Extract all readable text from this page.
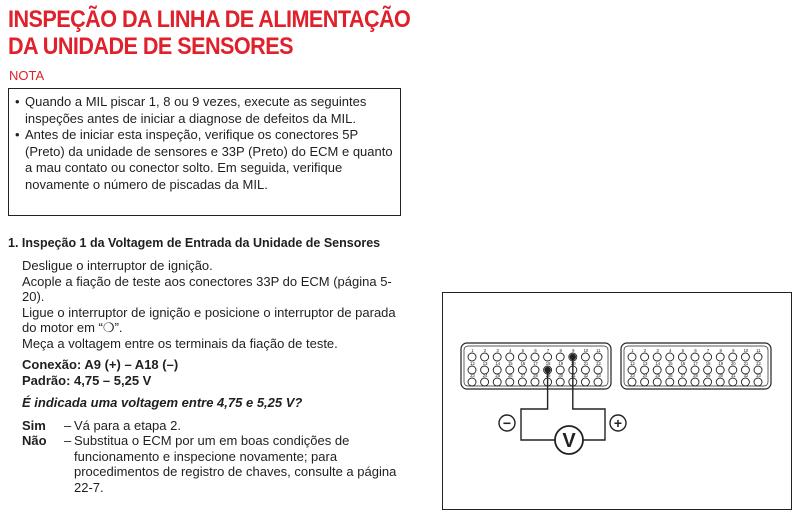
INSPEÇÃO DA LINHA DE ALIMENTAÇÃO
DA UNIDADE DE SENSORES
NOTA
• Quando a MIL piscar 1, 8 ou 9 vezes, execute as seguintes inspeções antes de iniciar a diagnose de defeitos da MIL.
• Antes de iniciar esta inspeção, verifique os conectores 5P (Preto) da unidade de sensores e 33P (Preto) do ECM e quanto a mau contato ou conector solto. Em seguida, verifique novamente o número de piscadas da MIL.
1. Inspeção 1 da Voltagem de Entrada da Unidade de Sensores

Desligue o interruptor de ignição.

Acople a fiação de teste aos conectores 33P do ECM (página 5-20).

Ligue o interruptor de ignição e posicione o interruptor de parada do motor em “❍”.

Meça a voltagem entre os terminais da fiação de teste.

Conexão: A9 (+) – A18 (–)

Padrão: 4,75 – 5,25 V

É indicada uma voltagem entre 4,75 e 5,25 V?

Sim	– Vá para a etapa 2.
Não	– Substitua o ECM por um em boas condições de funcionamento e inspecione novamente; para procedimentos de registro de chaves, consulte a página 22-7.
1 2 3 4 5 6 7 8 9 10 11
12 13 14 15 16 17 18 19 20 21 22
23 24 25 26 27 28 29 30 31 32 33
1 2 3 4 5 6 7 8 9 10 11
12 13 14 15 16 17 18 19 20 21 22
23 24 25 26 27 28 29 30 31 32 33
V
−	+
